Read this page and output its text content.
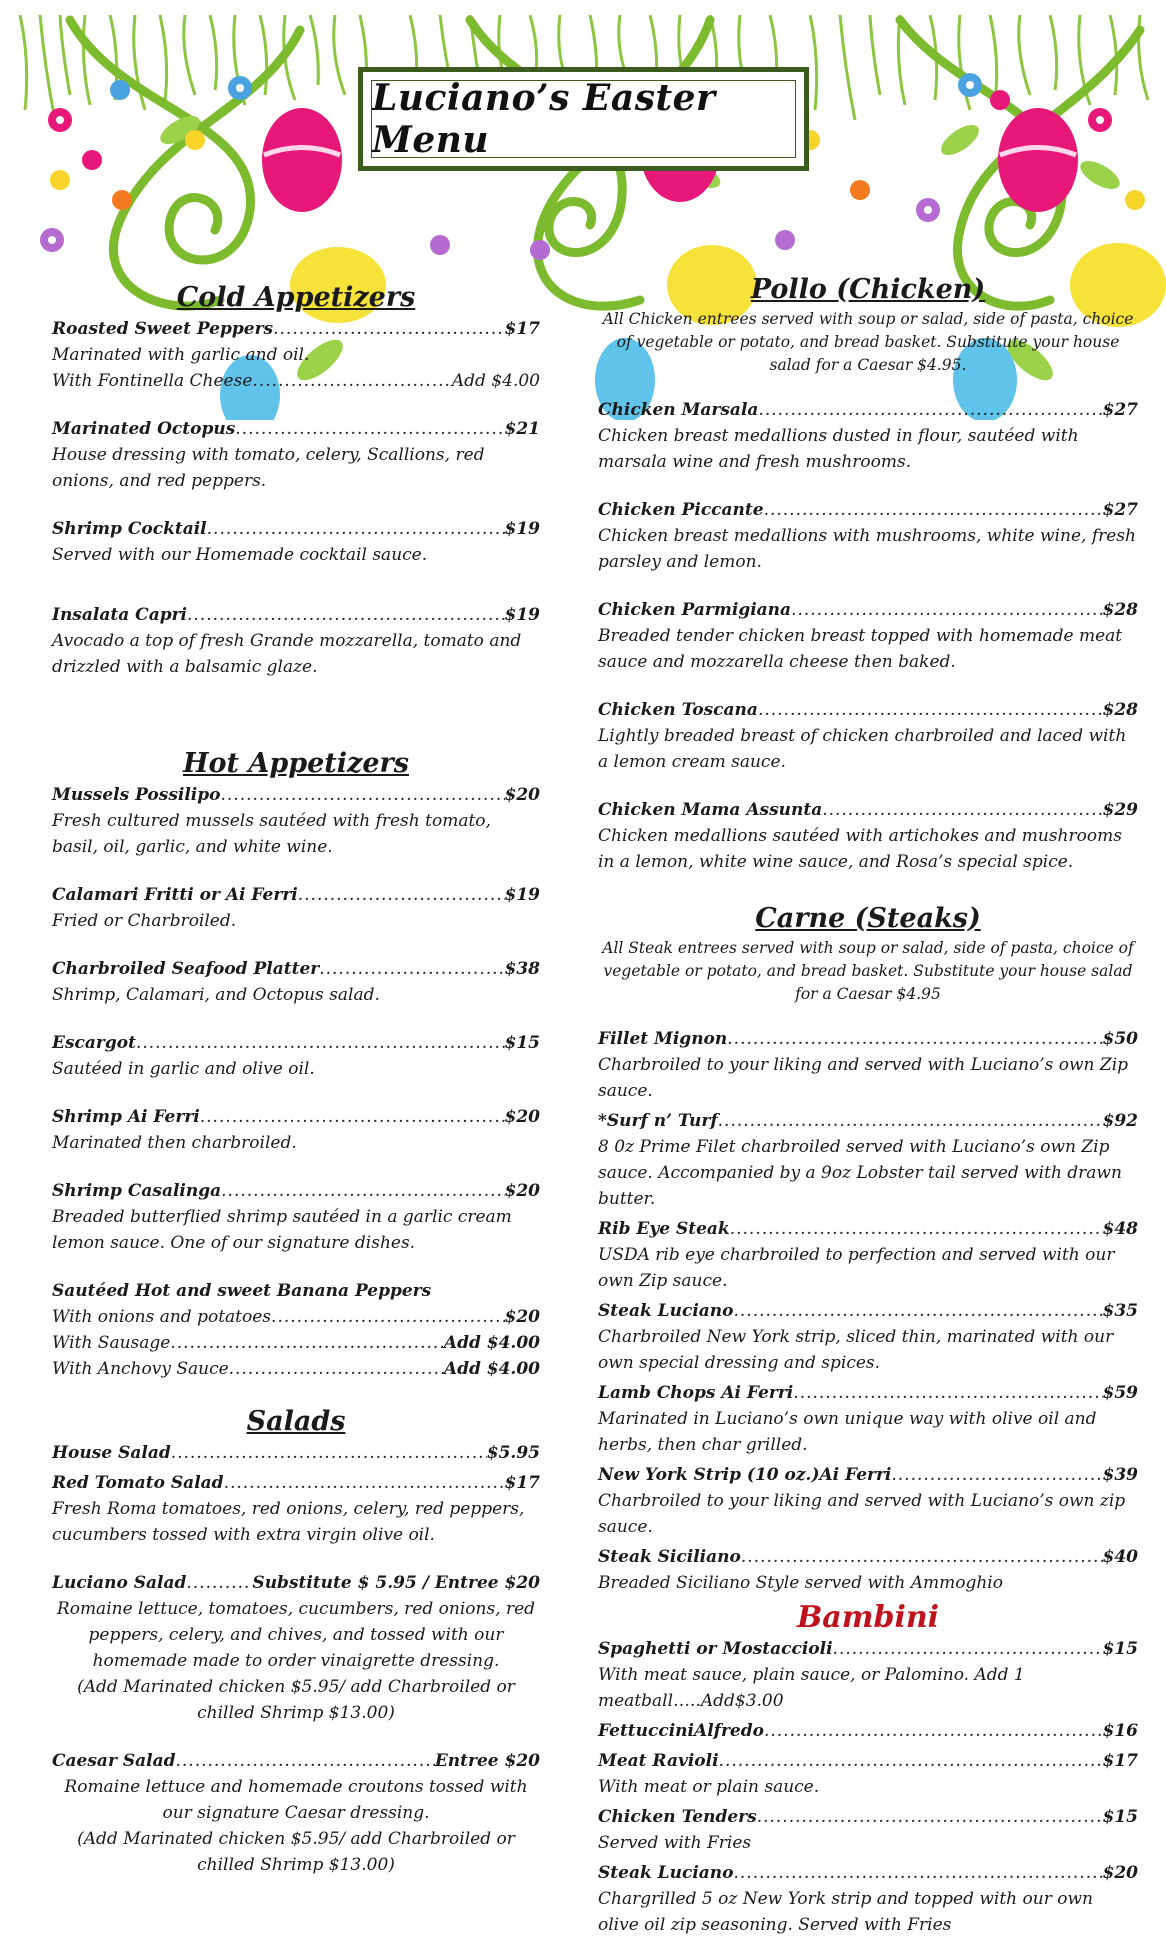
Luciano’s Easter Menu
Cold Appetizers
Roasted Sweet Peppers .....	$17

Marinated with garlic and oil.

With Fontinella Cheese .....	Add $4.00
Marinated Octopus .....	$21

House dressing with tomato, celery, Scallions, red onions, and red peppers.

Shrimp Cocktail .....	$19

Served with our Homemade cocktail sauce.

Insalata Capri .....	$19

Avocado a top of fresh Grande mozzarella, tomato and drizzled with a balsamic glaze.

Hot Appetizers
Mussels Possilipo .....	$20

Fresh cultured mussels sautéed with fresh tomato, basil, oil, garlic, and white wine.

Calamari Fritti or Ai Ferri .....	$19

Fried or Charbroiled.

Charbroiled Seafood Platter .....	$38

Shrimp, Calamari, and Octopus salad.

Escargot .....	$15

Sautéed in garlic and olive oil.

Shrimp Ai Ferri .....	$20

Marinated then charbroiled.

Shrimp Casalinga .....	$20

Breaded butterflied shrimp sautéed in a garlic cream lemon sauce. One of our signature dishes.

Sautéed Hot and sweet Banana Peppers
With onions and potatoes .....	$20
With Sausage .....	Add $4.00
With Anchovy Sauce .....	Add $4.00
Salads
House Salad .....	$5.95
Red Tomato Salad .....	$17

Fresh Roma tomatoes, red onions, celery, red peppers, cucumbers tossed with extra virgin olive oil.

Luciano Salad .....	Substitute $ 5.95 / Entree $20

Romaine lettuce, tomatoes, cucumbers, red onions, red peppers, celery, and chives, and tossed with our homemade made to order vinaigrette dressing.

(Add Marinated chicken $5.95/ add Charbroiled or chilled Shrimp $13.00)

Caesar Salad .....	Entree $20

Romaine lettuce and homemade croutons tossed with our signature Caesar dressing.

(Add Marinated chicken $5.95/ add Charbroiled or chilled Shrimp $13.00)

Pollo (Chicken)

All Chicken entrees served with soup or salad, side of pasta, choice of vegetable or potato, and bread basket. Substitute your house salad for a Caesar $4.95.

Chicken Marsala .....	$27

Chicken breast medallions dusted in flour, sautéed with marsala wine and fresh mushrooms.

Chicken Piccante .....	$27

Chicken breast medallions with mushrooms, white wine, fresh parsley and lemon.

Chicken Parmigiana .....	$28

Breaded tender chicken breast topped with homemade meat sauce and mozzarella cheese then baked.

Chicken Toscana .....	$28

Lightly breaded breast of chicken charbroiled and laced with a lemon cream sauce.

Chicken Mama Assunta .....	$29

Chicken medallions sautéed with artichokes and mushrooms in a lemon, white wine sauce, and Rosa’s special spice.

Carne (Steaks)

All Steak entrees served with soup or salad, side of pasta, choice of vegetable or potato, and bread basket. Substitute your house salad for a Caesar $4.95

Fillet Mignon .....	$50

Charbroiled to your liking and served with Luciano’s own Zip sauce.

*Surf n’ Turf .....	$92

8 0z Prime Filet charbroiled served with Luciano’s own Zip sauce. Accompanied by a 9oz Lobster tail served with drawn butter.

Rib Eye Steak .....	$48

USDA rib eye charbroiled to perfection and served with our own Zip sauce.

Steak Luciano .....	$35

Charbroiled New York strip, sliced thin, marinated with our own special dressing and spices.

Lamb Chops Ai Ferri .....	$59

Marinated in Luciano’s own unique way with olive oil and herbs, then char grilled.

New York Strip (10 oz.)Ai Ferri .....	$39

Charbroiled to your liking and served with Luciano’s own zip sauce.

Steak Siciliano .....	$40

Breaded Siciliano Style served with Ammoghio

Bambini
Spaghetti or Mostaccioli .....	$15

With meat sauce, plain sauce, or Palomino. Add 1

meatball…..Add$3.00

FettucciniAlfredo .....	$16
Meat Ravioli .....	$17

With meat or plain sauce.

Chicken Tenders .....	$15

Served with Fries

Steak Luciano .....	$20

Chargrilled 5 oz New York strip and topped with our own olive oil zip seasoning. Served with Fries
